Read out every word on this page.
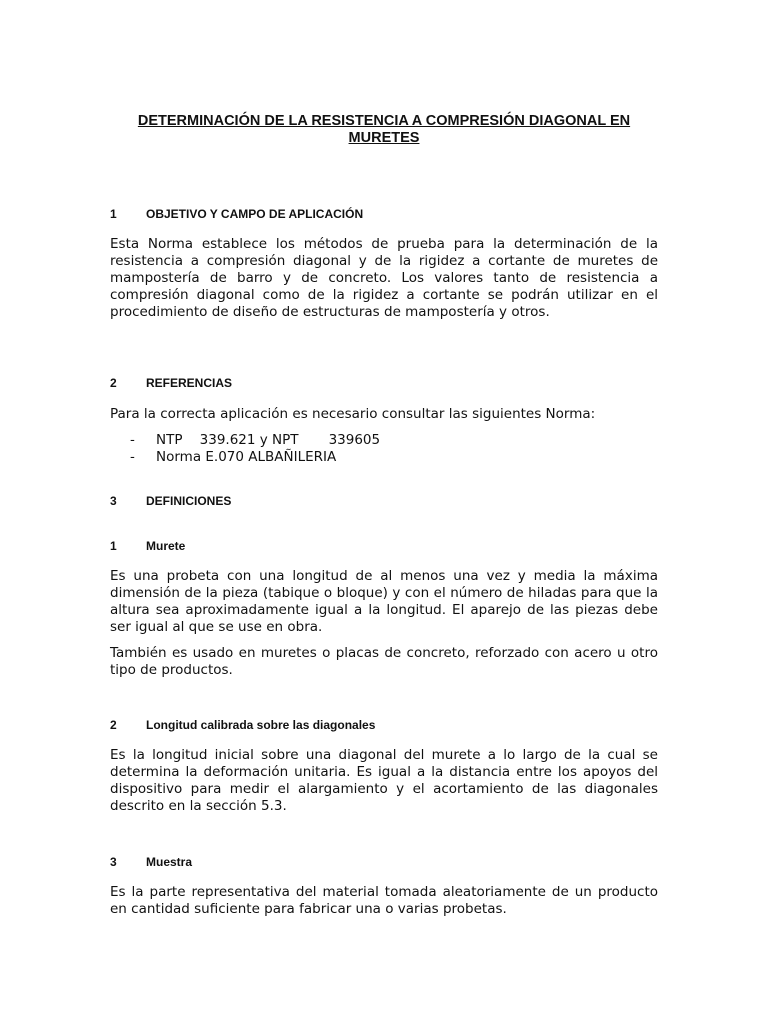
DETERMINACIÓN DE LA RESISTENCIA A COMPRESIÓN DIAGONAL EN MURETES
1 OBJETIVO Y CAMPO DE APLICACIÓN

Esta Norma establece los métodos de prueba para la determinación de la resistencia a compresión diagonal y de la rigidez a cortante de muretes de mampostería de barro y de concreto. Los valores tanto de resistencia a compresión diagonal como de la rigidez a cortante se podrán utilizar en el procedimiento de diseño de estructuras de mampostería y otros.

2 REFERENCIAS

Para la correcta aplicación es necesario consultar las siguientes Norma:

- NTP    339.621 y NPT       339605
- Norma E.070 ALBAÑILERIA
3 DEFINICIONES
1 Murete

Es una probeta con una longitud de al menos una vez y media la máxima dimensión de la pieza (tabique o bloque) y con el número de hiladas para que la altura sea aproximadamente igual a la longitud. El aparejo de las piezas debe ser igual al que se use en obra.

También es usado en muretes o placas de concreto, reforzado con acero u otro tipo de productos.

2 Longitud calibrada sobre las diagonales

Es la longitud inicial sobre una diagonal del murete a lo largo de la cual se determina la deformación unitaria. Es igual a la distancia entre los apoyos del dispositivo para medir el alargamiento y el acortamiento de las diagonales descrito en la sección 5.3.

3 Muestra

Es la parte representativa del material tomada aleatoriamente de un producto en cantidad suficiente para fabricar una o varias probetas.
